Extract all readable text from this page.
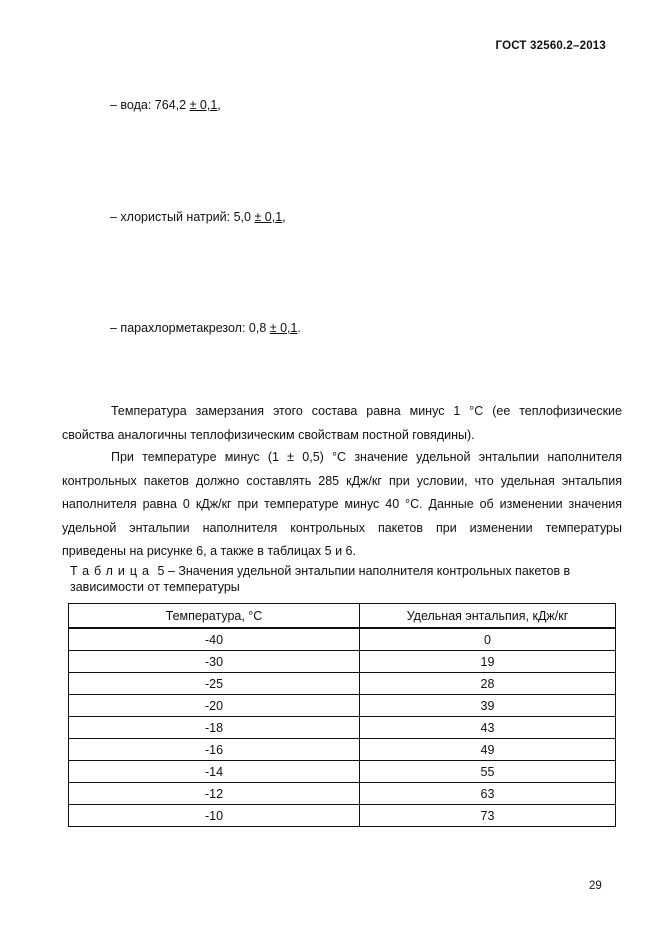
ГОСТ 32560.2–2013
– вода: 764,2 ± 0,1,
– хлористый натрий: 5,0 ± 0,1,
– парахлорметакрезол: 0,8 ± 0,1.

Температура замерзания этого состава равна минус 1 °С (ее теплофизические свойства аналогичны теплофизическим свойствам постной говядины).

При температуре минус (1 ± 0,5) °С значение удельной энтальпии наполнителя контрольных пакетов должно составлять 285 кДж/кг при условии, что удельная энтальпия наполнителя равна 0 кДж/кг при температуре минус 40 °С. Данные об изменении значения удельной энтальпии наполнителя контрольных пакетов при изменении температуры приведены на рисунке 6, а также в таблицах 5 и 6.

Таблица 5 – Значения удельной энтальпии наполнителя контрольных пакетов в зависимости от температуры

Температура, °С	Удельная энтальпия, кДж/кг
-40	0
-30	19
-25	28
-20	39
-18	43
-16	49
-14	55
-12	63
-10	73
29
